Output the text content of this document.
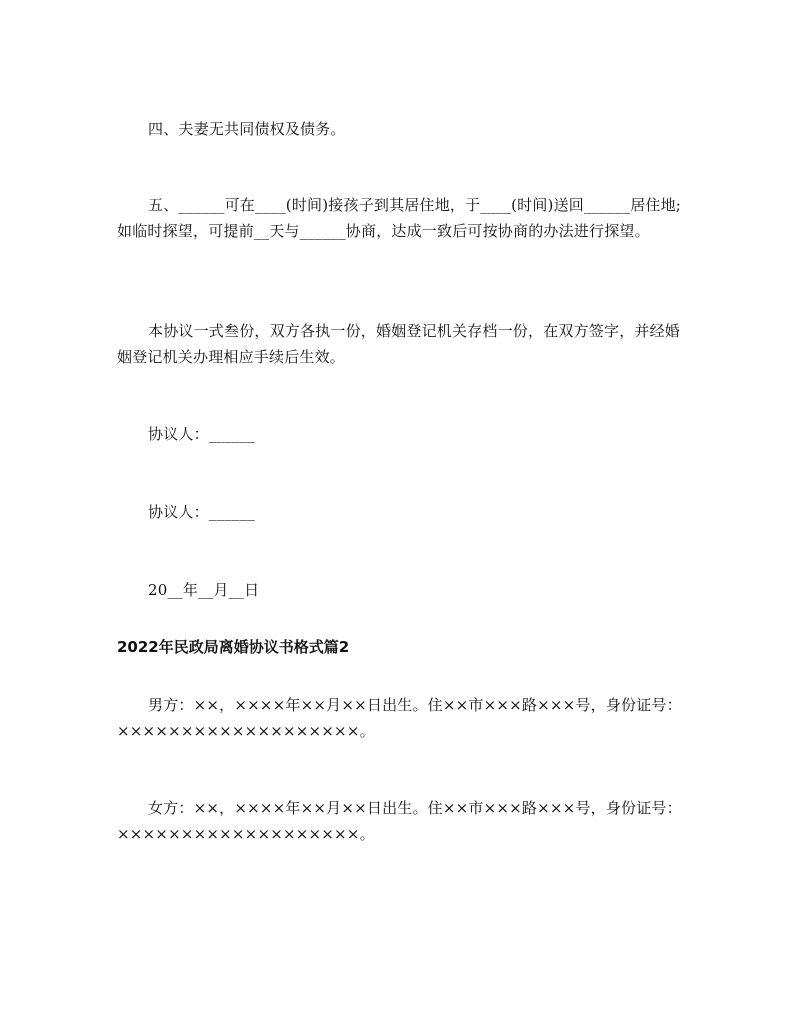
四、夫妻无共同债权及债务。

五、______可在____(时间)接孩子到其居住地，于____(时间)送回______居住地;如临时探望，可提前__天与______协商，达成一致后可按协商的办法进行探望。

本协议一式叁份，双方各执一份，婚姻登记机关存档一份，在双方签字，并经婚姻登记机关办理相应手续后生效。

协议人：______

协议人：______

20__年__月__日

2022年民政局离婚协议书格式篇2

男方：××，××××年××月××日出生。住××市×××路×××号，身份证号：×××××××××××××××××××。

女方：××，××××年××月××日出生。住××市×××路×××号，身份证号：×××××××××××××××××××。
